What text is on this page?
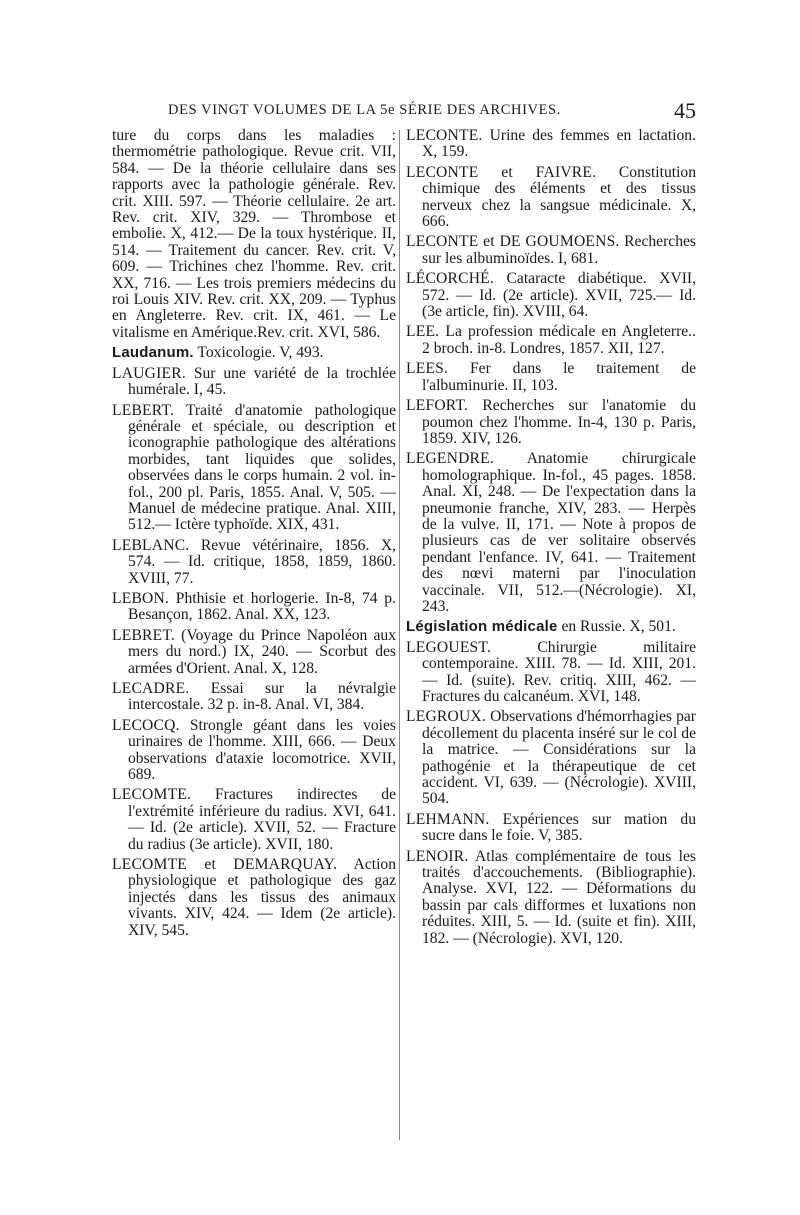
DES VINGT VOLUMES DE LA 5e SÉRIE DES ARCHIVES.	45

ture du corps dans les maladies : thermométrie pathologique. Revue crit. VII, 584. — De la théorie cellulaire dans ses rapports avec la pathologie générale. Rev. crit. XIII. 597. — Théorie cellulaire. 2e art. Rev. crit. XIV, 329. — Thrombose et embolie. X, 412.— De la toux hystérique. II, 514. — Traitement du cancer. Rev. crit. V, 609. — Trichines chez l'homme. Rev. crit. XX, 716. — Les trois premiers médecins du roi Louis XIV. Rev. crit. XX, 209. — Typhus en Angleterre. Rev. crit. IX, 461. — Le vitalisme en Amérique.Rev. crit. XVI, 586.

Laudanum. Toxicologie. V, 493.

LAUGIER. Sur une variété de la trochlée humérale. I, 45.

LEBERT. Traité d'anatomie pathologique générale et spéciale, ou description et iconographie pathologique des altérations morbides, tant liquides que solides, observées dans le corps humain. 2 vol. in-fol., 200 pl. Paris, 1855. Anal. V, 505. — Manuel de médecine pratique. Anal. XIII, 512.— Ictère typhoïde. XIX, 431.

LEBLANC. Revue vétérinaire, 1856. X, 574. — Id. critique, 1858, 1859, 1860. XVIII, 77.

LEBON. Phthisie et horlogerie. In-8, 74 p. Besançon, 1862. Anal. XX, 123.

LEBRET. (Voyage du Prince Napoléon aux mers du nord.) IX, 240. — Scorbut des armées d'Orient. Anal. X, 128.

LECADRE. Essai sur la névralgie intercostale. 32 p. in-8. Anal. VI, 384.

LECOCQ. Strongle géant dans les voies urinaires de l'homme. XIII, 666. — Deux observations d'ataxie locomotrice. XVII, 689.

LECOMTE. Fractures indirectes de l'extrémité inférieure du radius. XVI, 641. — Id. (2e article). XVII, 52. — Fracture du radius (3e article). XVII, 180.

LECOMTE et DEMARQUAY. Action physiologique et pathologique des gaz injectés dans les tissus des animaux vivants. XIV, 424. — Idem (2e article). XIV, 545.

LECONTE. Urine des femmes en lactation. X, 159.

LECONTE et FAIVRE. Constitution chimique des éléments et des tissus nerveux chez la sangsue médicinale. X, 666.

LECONTE et DE GOUMOENS. Recherches sur les albuminoïdes. I, 681.

LÉCORCHÉ. Cataracte diabétique. XVII, 572. — Id. (2e article). XVII, 725.— Id. (3e article, fin). XVIII, 64.

LEE. La profession médicale en Angleterre.. 2 broch. in-8. Londres, 1857. XII, 127.

LEES. Fer dans le traitement de l'albuminurie. II, 103.

LEFORT. Recherches sur l'anatomie du poumon chez l'homme. In-4, 130 p. Paris, 1859. XIV, 126.

LEGENDRE. Anatomie chirurgicale homolographique. In-fol., 45 pages. 1858. Anal. XI, 248. — De l'expectation dans la pneumonie franche, XIV, 283. — Herpès de la vulve. II, 171. — Note à propos de plusieurs cas de ver solitaire observés pendant l'enfance. IV, 641. — Traitement des nœvi materni par l'inoculation vaccinale. VII, 512.—(Nécrologie). XI, 243.

Législation médicale en Russie. X, 501.

LEGOUEST. Chirurgie militaire contemporaine. XIII. 78. — Id. XIII, 201. — Id. (suite). Rev. critiq. XIII, 462. — Fractures du calcanéum. XVI, 148.

LEGROUX. Observations d'hémorrhagies par décollement du placenta inséré sur le col de la matrice. — Considérations sur la pathogénie et la thérapeutique de cet accident. VI, 639. — (Nécrologie). XVIII, 504.

LEHMANN. Expériences sur mation du sucre dans le foie. V, 385.

LENOIR. Atlas complémentaire de tous les traités d'accouchements. (Bibliographie). Analyse. XVI, 122. — Déformations du bassin par cals difformes et luxations non réduites. XIII, 5. — Id. (suite et fin). XIII, 182. — (Nécrologie). XVI, 120.
